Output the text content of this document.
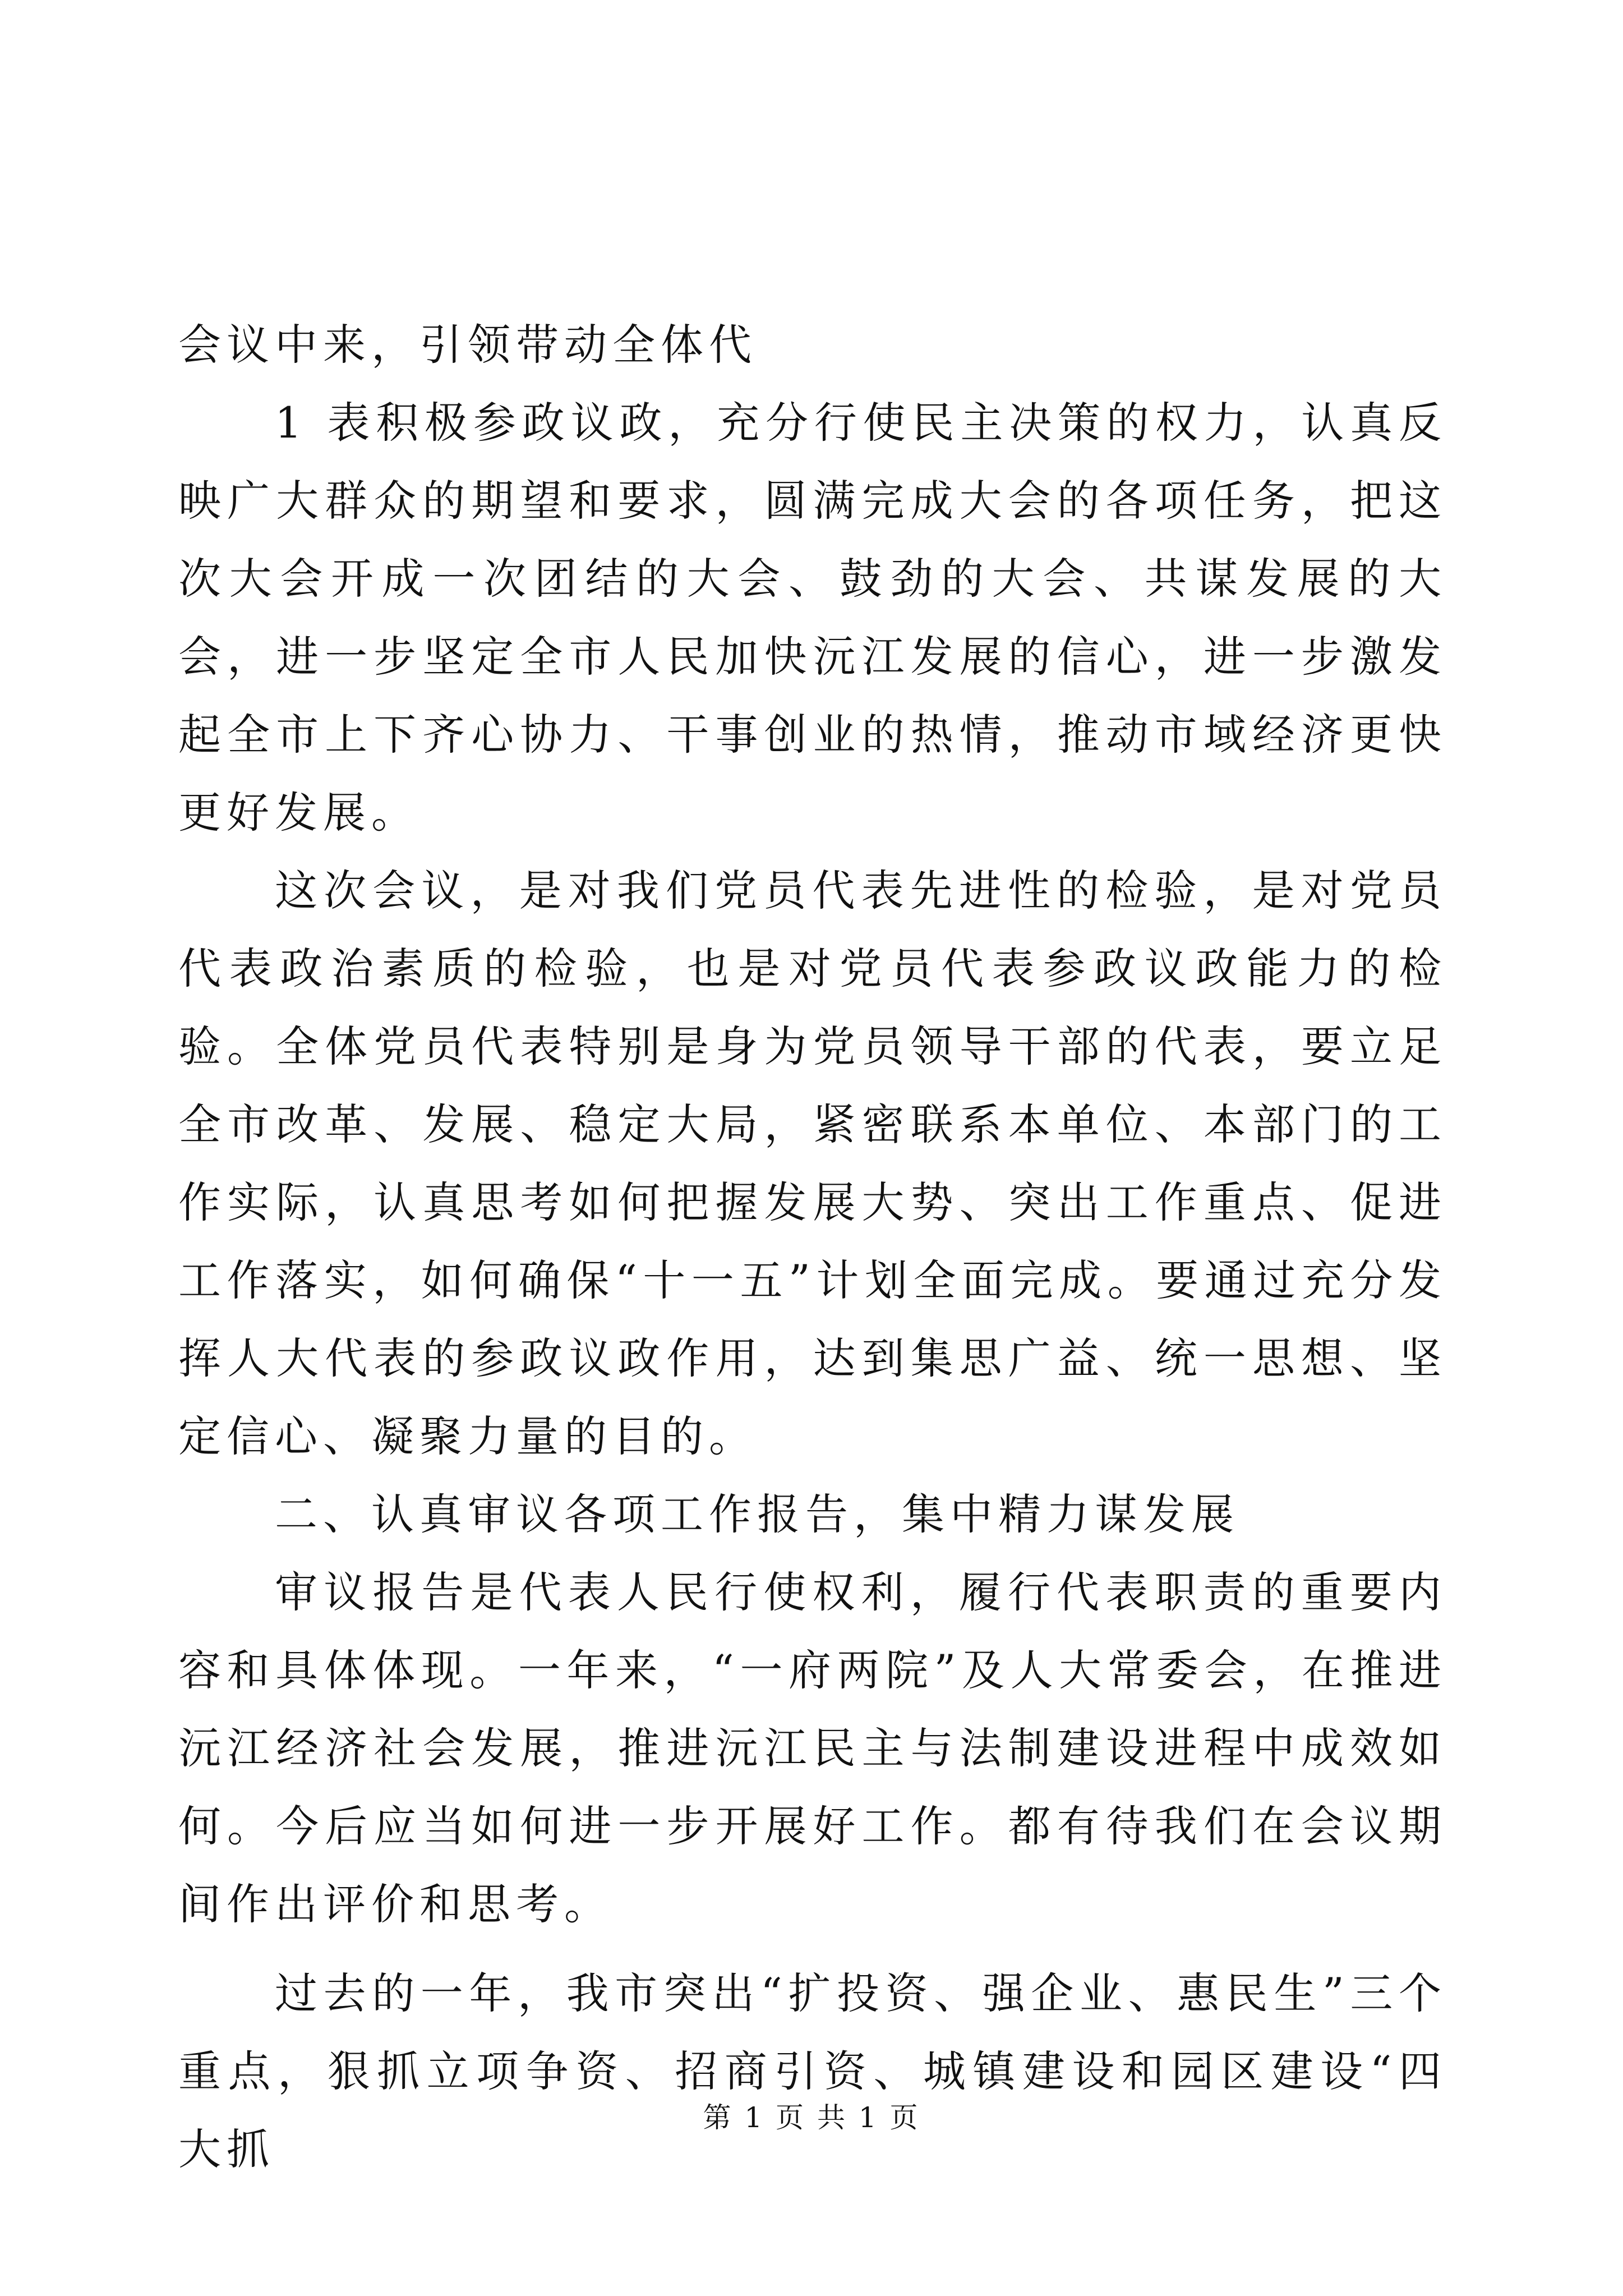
会议中来，引领带动全体代

1 表积极参政议政，充分行使民主决策的权力，认真反映广大群众的期望和要求，圆满完成大会的各项任务，把这次大会开成一次团结的大会、鼓劲的大会、共谋发展的大会，进一步坚定全市人民加快沅江发展的信心，进一步激发起全市上下齐心协力、干事创业的热情，推动市域经济更快更好发展。

这次会议，是对我们党员代表先进性的检验，是对党员代表政治素质的检验，也是对党员代表参政议政能力的检验。全体党员代表特别是身为党员领导干部的代表，要立足全市改革、发展、稳定大局，紧密联系本单位、本部门的工作实际，认真思考如何把握发展大势、突出工作重点、促进工作落实，如何确保“十一五”计划全面完成。要通过充分发挥人大代表的参政议政作用，达到集思广益、统一思想、坚定信心、凝聚力量的目的。

二、认真审议各项工作报告，集中精力谋发展

审议报告是代表人民行使权利，履行代表职责的重要内容和具体体现。一年来，“一府两院”及人大常委会，在推进沅江经济社会发展，推进沅江民主与法制建设进程中成效如何。今后应当如何进一步开展好工作。都有待我们在会议期间作出评价和思考。

过去的一年，我市突出“扩投资、强企业、惠民生”三个重点，狠抓立项争资、招商引资、城镇建设和园区建设“四大抓

第 1 页 共 1 页
